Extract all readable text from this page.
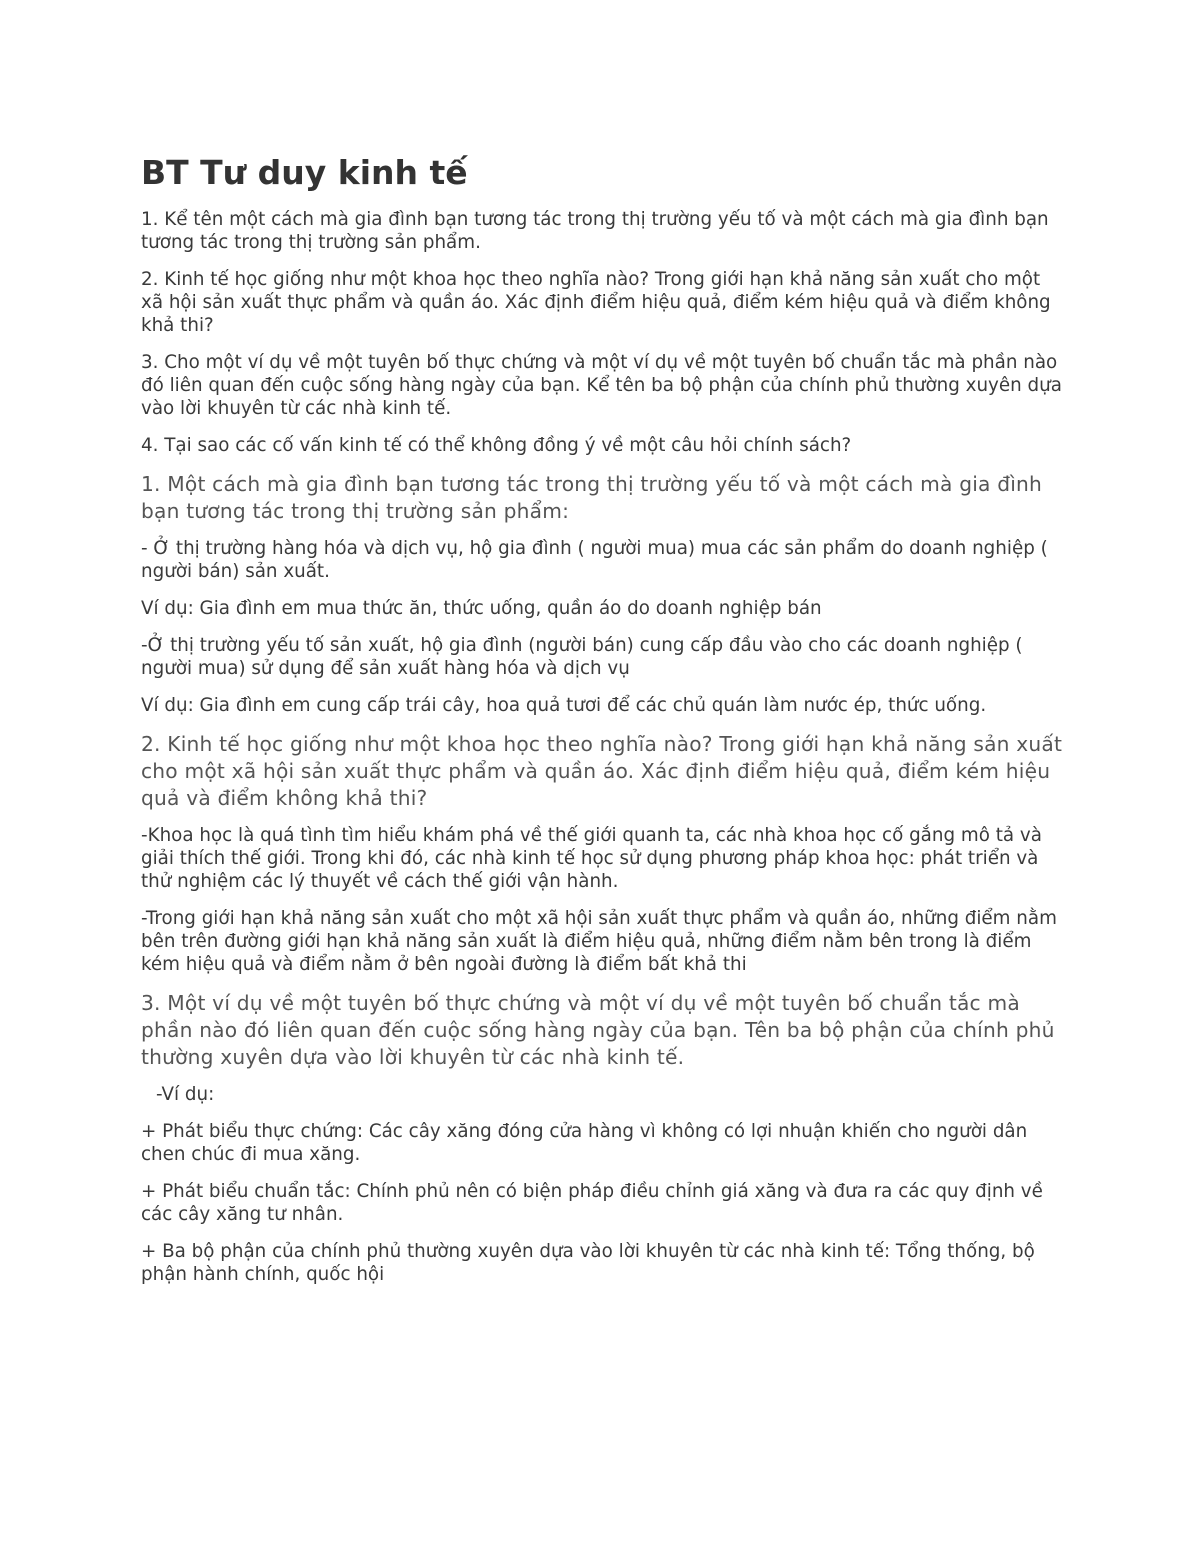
BT Tư duy kinh tế
1. Kể tên một cách mà gia đình bạn tương tác trong thị trường yếu tố và một cách mà gia đình bạn tương tác trong thị trường sản phẩm.
2. Kinh tế học giống như một khoa học theo nghĩa nào? Trong giới hạn khả năng sản xuất cho một xã hội sản xuất thực phẩm và quần áo. Xác định điểm hiệu quả, điểm kém hiệu quả và điểm không khả thi?
3. Cho một ví dụ về một tuyên bố thực chứng và một ví dụ về một tuyên bố chuẩn tắc mà phần nào đó liên quan đến cuộc sống hàng ngày của bạn. Kể tên ba bộ phận của chính phủ thường xuyên dựa vào lời khuyên từ các nhà kinh tế.
4. Tại sao các cố vấn kinh tế có thể không đồng ý về một câu hỏi chính sách?
1. Một cách mà gia đình bạn tương tác trong thị trường yếu tố và một cách mà gia đình bạn tương tác trong thị trường sản phẩm:
- Ở thị trường hàng hóa và dịch vụ, hộ gia đình ( người mua) mua các sản phẩm do doanh nghiệp ( người bán) sản xuất.
Ví dụ: Gia đình em mua thức ăn, thức uống, quần áo do doanh nghiệp bán
-Ở thị trường yếu tố sản xuất, hộ gia đình (người bán) cung cấp đầu vào cho các doanh nghiệp ( người mua) sử dụng để sản xuất hàng hóa và dịch vụ
Ví dụ: Gia đình em cung cấp trái cây, hoa quả tươi để các chủ quán làm nước ép, thức uống.
2. Kinh tế học giống như một khoa học theo nghĩa nào? Trong giới hạn khả năng sản xuất cho một xã hội sản xuất thực phẩm và quần áo. Xác định điểm hiệu quả, điểm kém hiệu quả và điểm không khả thi?
-Khoa học là quá tình tìm hiểu khám phá về thế giới quanh ta, các nhà khoa học cố gắng mô tả và giải thích thế giới. Trong khi đó, các nhà kinh tế học sử dụng phương pháp khoa học: phát triển và thử nghiệm các lý thuyết về cách thế giới vận hành.
-Trong giới hạn khả năng sản xuất cho một xã hội sản xuất thực phẩm và quần áo, những điểm nằm bên trên đường giới hạn khả năng sản xuất là điểm hiệu quả, những điểm nằm bên trong là điểm kém hiệu quả và điểm nằm ở bên ngoài đường là điểm bất khả thi
3. Một ví dụ về một tuyên bố thực chứng và một ví dụ về một tuyên bố chuẩn tắc mà phần nào đó liên quan đến cuộc sống hàng ngày của bạn. Tên ba bộ phận của chính phủ thường xuyên dựa vào lời khuyên từ các nhà kinh tế.
-Ví dụ:
+ Phát biểu thực chứng: Các cây xăng đóng cửa hàng vì không có lợi nhuận khiến cho người dân chen chúc đi mua xăng.
+ Phát biểu chuẩn tắc: Chính phủ nên có biện pháp điều chỉnh giá xăng và đưa ra các quy định về các cây xăng tư nhân.
+ Ba bộ phận của chính phủ thường xuyên dựa vào lời khuyên từ các nhà kinh tế: Tổng thống, bộ phận hành chính, quốc hội
